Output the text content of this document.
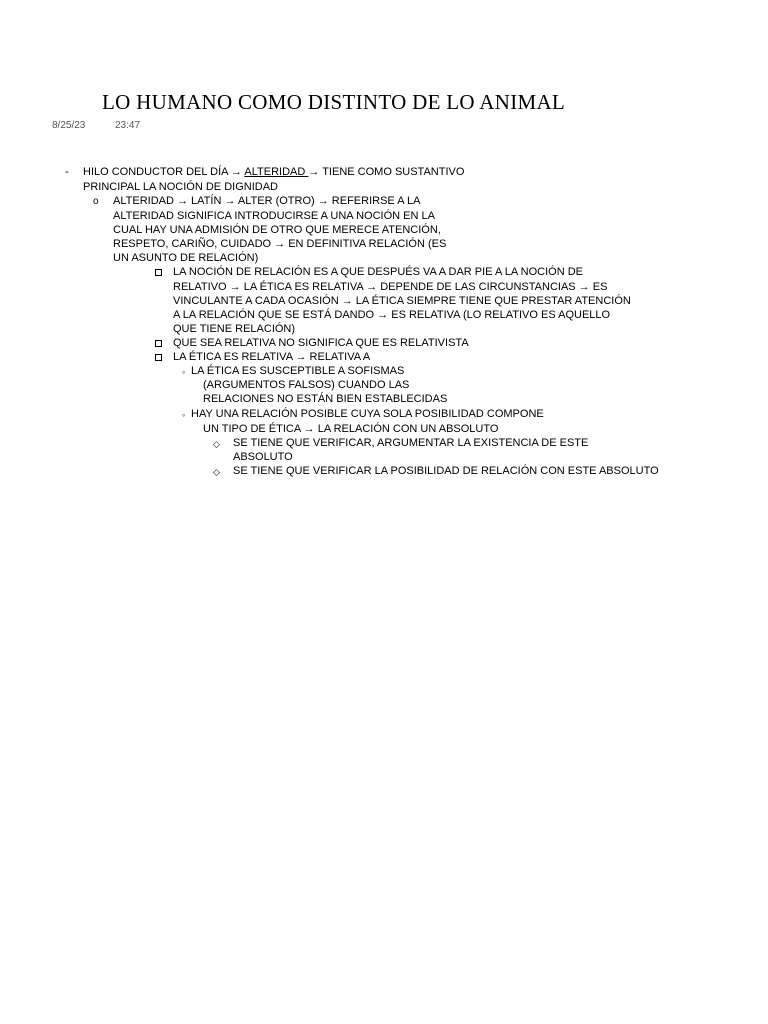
LO HUMANO COMO DISTINTO DE LO ANIMAL
8/25/23	23:47
- HILO CONDUCTOR DEL DÍA → ALTERIDAD → TIENE COMO SUSTANTIVO
PRINCIPAL LA NOCIÓN DE DIGNIDAD
o ALTERIDAD → LATÍN → ALTER (OTRO) → REFERIRSE A LA
ALTERIDAD SIGNIFICA INTRODUCIRSE A UNA NOCIÓN EN LA
CUAL HAY UNA ADMISIÓN DE OTRO QUE MERECE ATENCIÓN,
RESPETO, CARIÑO, CUIDADO → EN DEFINITIVA RELACIÓN (ES
UN ASUNTO DE RELACIÓN)
LA NOCIÓN DE RELACIÓN ES A QUE DESPUÉS VA A DAR PIE A LA NOCIÓN DE
RELATIVO → LA ÉTICA ES RELATIVA → DEPENDE DE LAS CIRCUNSTANCIAS → ES
VINCULANTE A CADA OCASIÓN → LA ÉTICA SIEMPRE TIENE QUE PRESTAR ATENCIÓN
A LA RELACIÓN QUE SE ESTÁ DANDO → ES RELATIVA (LO RELATIVO ES AQUELLO
QUE TIENE RELACIÓN)
QUE SEA RELATIVA NO SIGNIFICA QUE ES RELATIVISTA
LA ÉTICA ES RELATIVA → RELATIVA A
◦ LA ÉTICA ES SUSCEPTIBLE A SOFISMAS
(ARGUMENTOS FALSOS) CUANDO LAS
RELACIONES NO ESTÁN BIEN ESTABLECIDAS
◦ HAY UNA RELACIÓN POSIBLE CUYA SOLA POSIBILIDAD COMPONE
UN TIPO DE ÉTICA → LA RELACIÓN CON UN ABSOLUTO
◇ SE TIENE QUE VERIFICAR, ARGUMENTAR LA EXISTENCIA DE ESTE
ABSOLUTO
◇ SE TIENE QUE VERIFICAR LA POSIBILIDAD DE RELACIÓN CON ESTE ABSOLUTO
